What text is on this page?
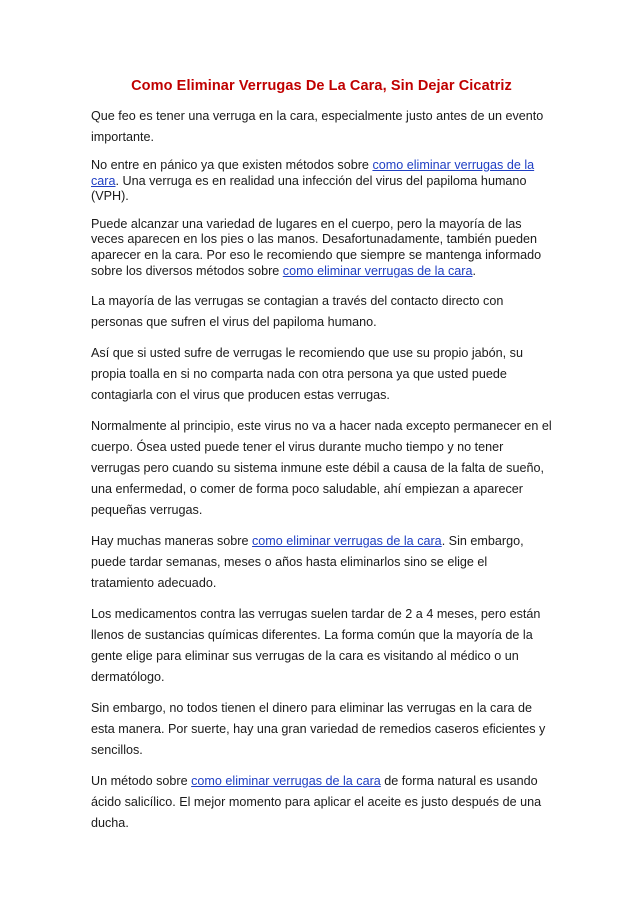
Como Eliminar Verrugas De La Cara, Sin Dejar Cicatriz

Que feo es tener una verruga en la cara, especialmente justo antes de un evento importante.

No entre en pánico ya que existen métodos sobre como eliminar verrugas de la cara. Una verruga es en realidad una infección del virus del papiloma humano (VPH).

Puede alcanzar una variedad de lugares en el cuerpo, pero la mayoría de las veces aparecen en los pies o las manos. Desafortunadamente, también pueden aparecer en la cara. Por eso le recomiendo que siempre se mantenga informado sobre los diversos métodos sobre como eliminar verrugas de la cara.

La mayoría de las verrugas se contagian a través del contacto directo con personas que sufren el virus del papiloma humano.

Así que si usted sufre de verrugas le recomiendo que use su propio jabón, su propia toalla en si no comparta nada con otra persona ya que usted puede contagiarla con el virus que producen estas verrugas.

Normalmente al principio, este virus no va a hacer nada excepto permanecer en el cuerpo. Ósea usted puede tener el virus durante mucho tiempo y no tener verrugas pero cuando su sistema inmune este débil a causa de la falta de sueño, una enfermedad, o comer de forma poco saludable, ahí empiezan a aparecer pequeñas verrugas.

Hay muchas maneras sobre como eliminar verrugas de la cara. Sin embargo, puede tardar semanas, meses o años hasta eliminarlos sino se elige el tratamiento adecuado.

Los medicamentos contra las verrugas suelen tardar de 2 a 4 meses, pero están llenos de sustancias químicas diferentes. La forma común que la mayoría de la gente elige para eliminar sus verrugas de la cara es visitando al médico o un dermatólogo.

Sin embargo, no todos tienen el dinero para eliminar las verrugas en la cara de esta manera. Por suerte, hay una gran variedad de remedios caseros eficientes y sencillos.

Un método sobre como eliminar verrugas de la cara de forma natural es usando ácido salicílico. El mejor momento para aplicar el aceite es justo después de una ducha.
